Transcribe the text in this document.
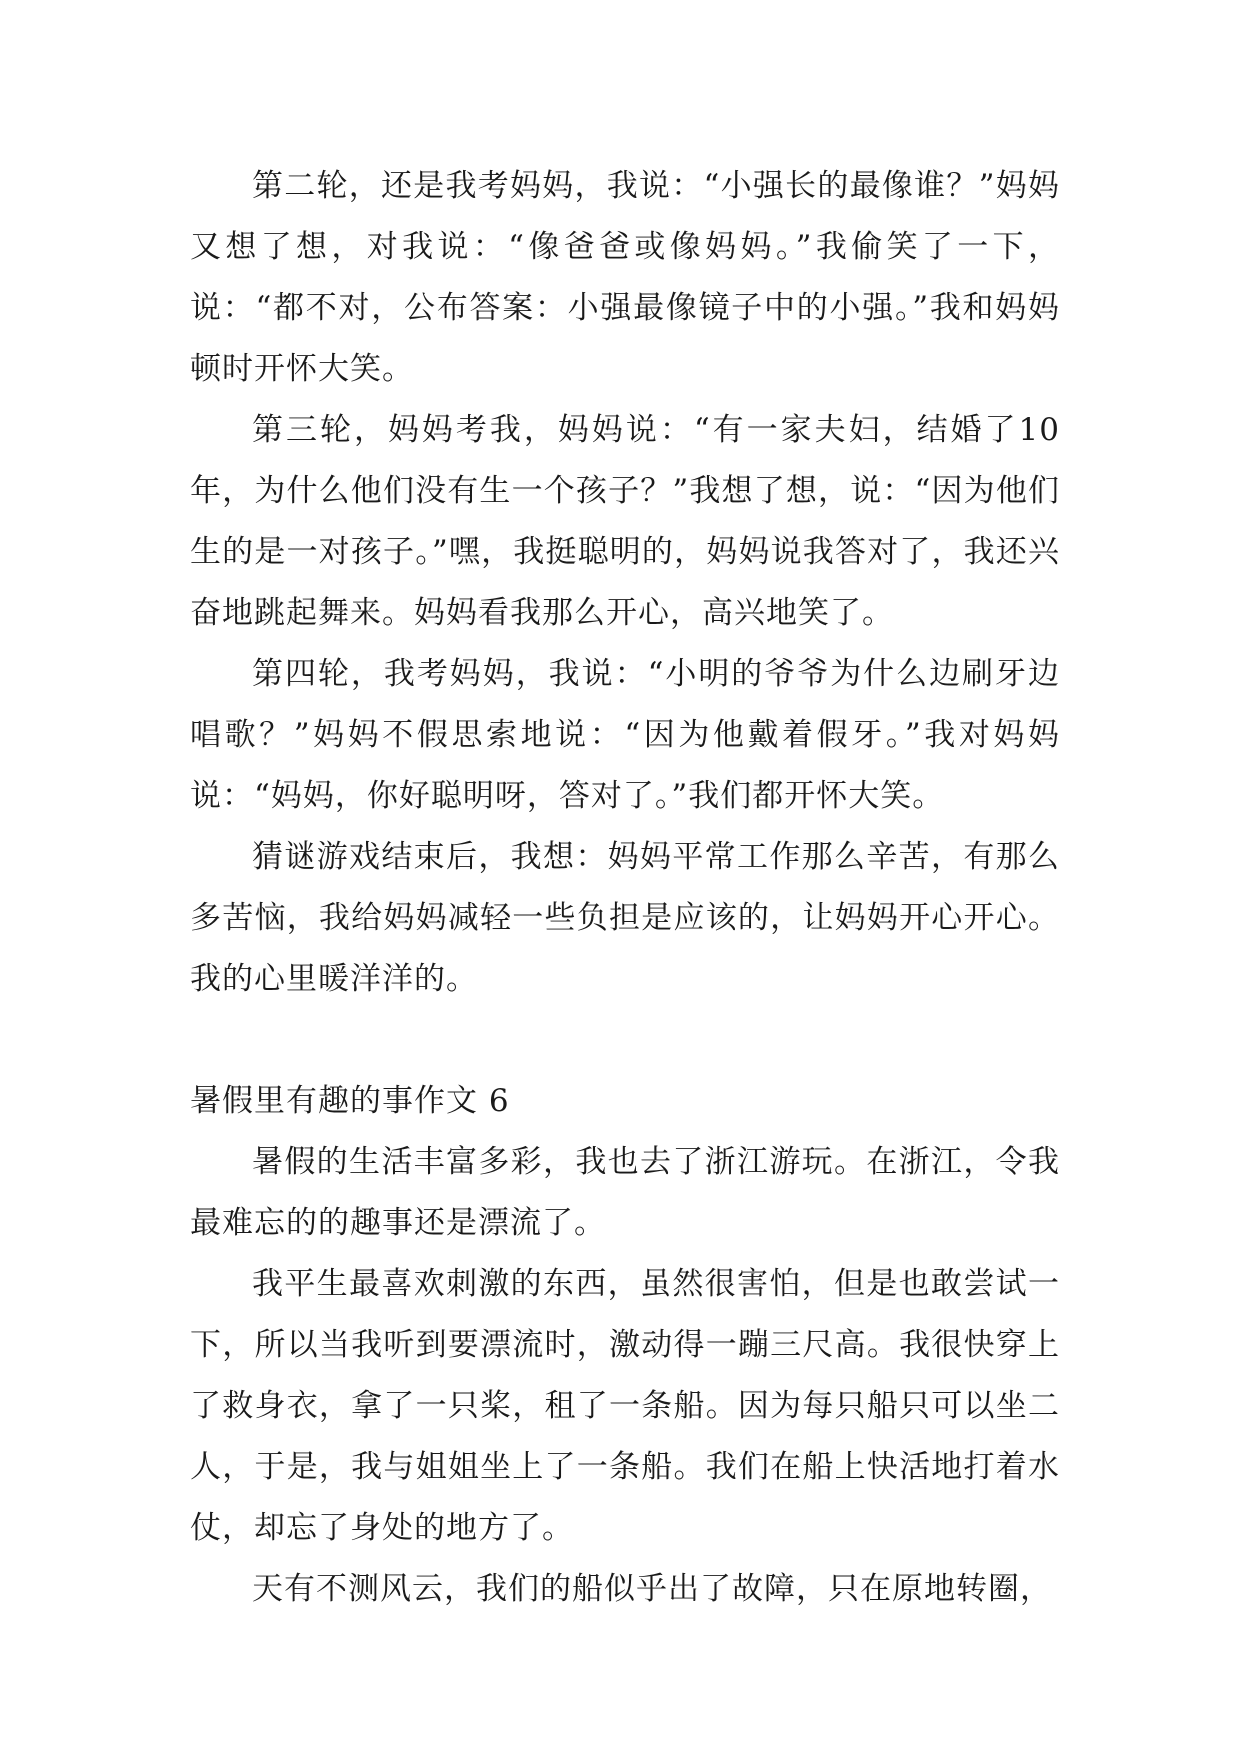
第二轮，还是我考妈妈，我说：“小强长的最像谁？”妈妈又想了想，对我说：“像爸爸或像妈妈。”我偷笑了一下，说：“都不对，公布答案：小强最像镜子中的小强。”我和妈妈顿时开怀大笑。

第三轮，妈妈考我，妈妈说：“有一家夫妇，结婚了10年，为什么他们没有生一个孩子？”我想了想，说：“因为他们生的是一对孩子。”嘿，我挺聪明的，妈妈说我答对了，我还兴奋地跳起舞来。妈妈看我那么开心，高兴地笑了。

第四轮，我考妈妈，我说：“小明的爷爷为什么边刷牙边唱歌？”妈妈不假思索地说：“因为他戴着假牙。”我对妈妈说：“妈妈，你好聪明呀，答对了。”我们都开怀大笑。

猜谜游戏结束后，我想：妈妈平常工作那么辛苦，有那么多苦恼，我给妈妈减轻一些负担是应该的，让妈妈开心开心。我的心里暖洋洋的。

暑假里有趣的事作文 6

暑假的生活丰富多彩，我也去了浙江游玩。在浙江，令我最难忘的的趣事还是漂流了。

我平生最喜欢刺激的东西，虽然很害怕，但是也敢尝试一下，所以当我听到要漂流时，激动得一蹦三尺高。我很快穿上了救身衣，拿了一只桨，租了一条船。因为每只船只可以坐二人，于是，我与姐姐坐上了一条船。我们在船上快活地打着水仗，却忘了身处的地方了。

天有不测风云，我们的船似乎出了故障，只在原地转圈，
